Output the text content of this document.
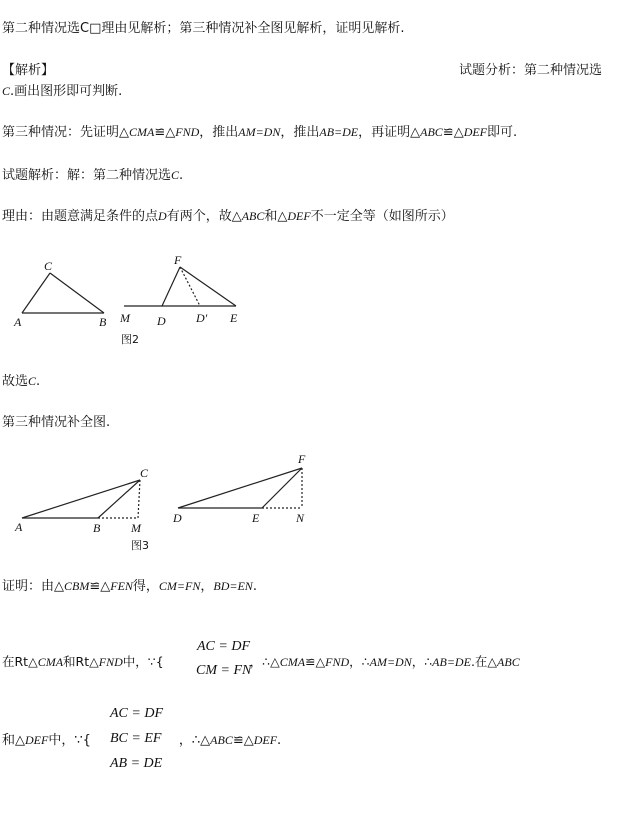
第二种情况选C□理由见解析；第三种情况补全图见解析，证明见解析.
【解析】	试题分析：第二种情况选
C.画出图形即可判断.
第三种情况：先证明△CMA≌△FND，推出AM=DN，推出AB=DE，再证明△ABC≌△DEF即可.
试题解析：解：第二种情况选C.
理由：由题意满足条件的点D有两个，故△ABC和△DEF不一定全等（如图所示）
C
A	B
F
M D	D′ E
图2
故选C.
第三种情况补全图.
C
A	B	M
F
D	E	N
图3
证明：由△CBM≌△FEN得，CM=FN，BD=EN.
AC = DF
CM = FN
在Rt△CMA和Rt△FND中，∵{	，∴△CMA≌△FND，∴AM=DN，∴AB=DE.在△ABC
AC = DF
BC = EF
AB = DE
和△DEF中，∵{	，∴△ABC≌△DEF.
